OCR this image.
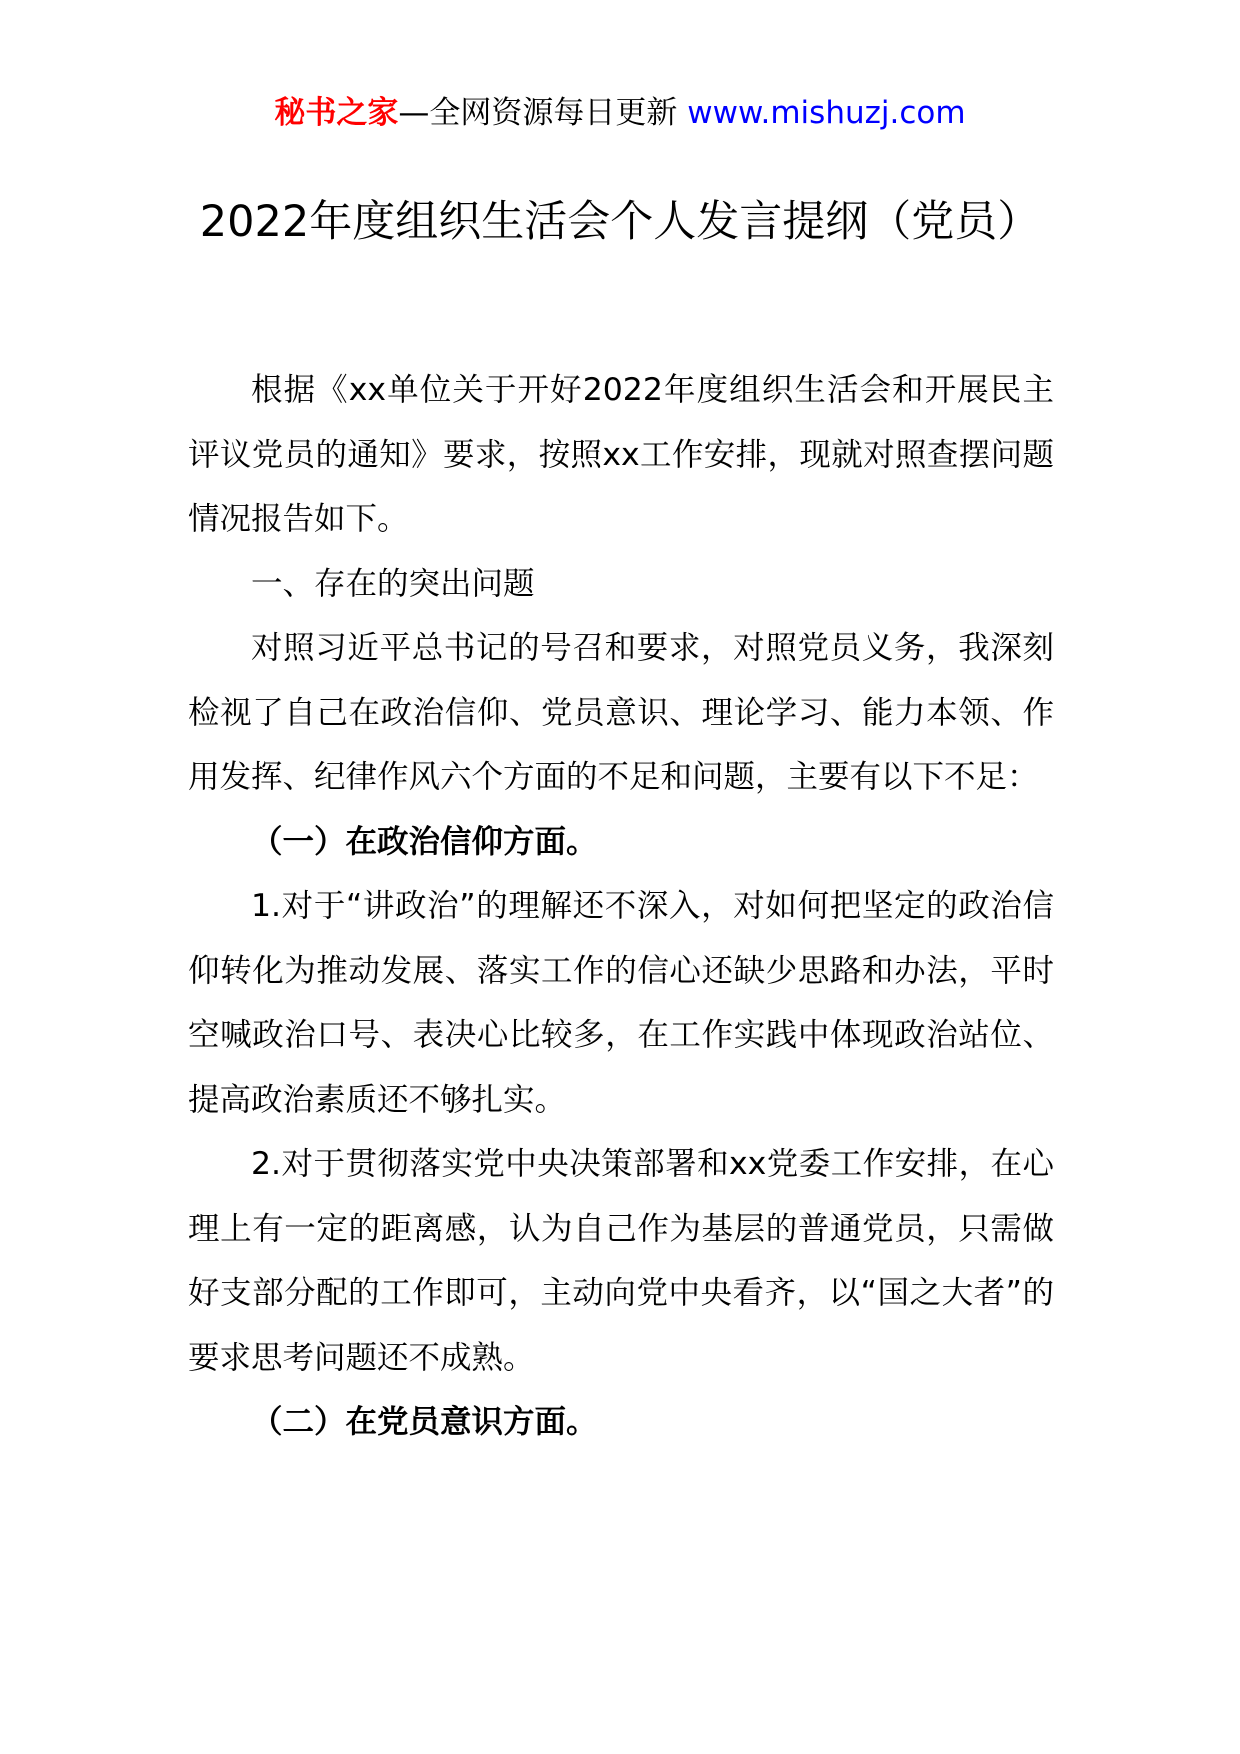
秘书之家—全网资源每日更新 www.mishuzj.com
2022年度组织生活会个人发言提纲（党员）

根据《xx单位关于开好2022年度组织生活会和开展民主评议党员的通知》要求，按照xx工作安排，现就对照查摆问题情况报告如下。

一、存在的突出问题

对照习近平总书记的号召和要求，对照党员义务，我深刻检视了自己在政治信仰、党员意识、理论学习、能力本领、作用发挥、纪律作风六个方面的不足和问题，主要有以下不足：

（一）在政治信仰方面。

1.对于“讲政治”的理解还不深入，对如何把坚定的政治信仰转化为推动发展、落实工作的信心还缺少思路和办法，平时空喊政治口号、表决心比较多，在工作实践中体现政治站位、提高政治素质还不够扎实。

2.对于贯彻落实党中央决策部署和xx党委工作安排，在心理上有一定的距离感，认为自己作为基层的普通党员，只需做好支部分配的工作即可，主动向党中央看齐，以“国之大者”的要求思考问题还不成熟。

（二）在党员意识方面。
